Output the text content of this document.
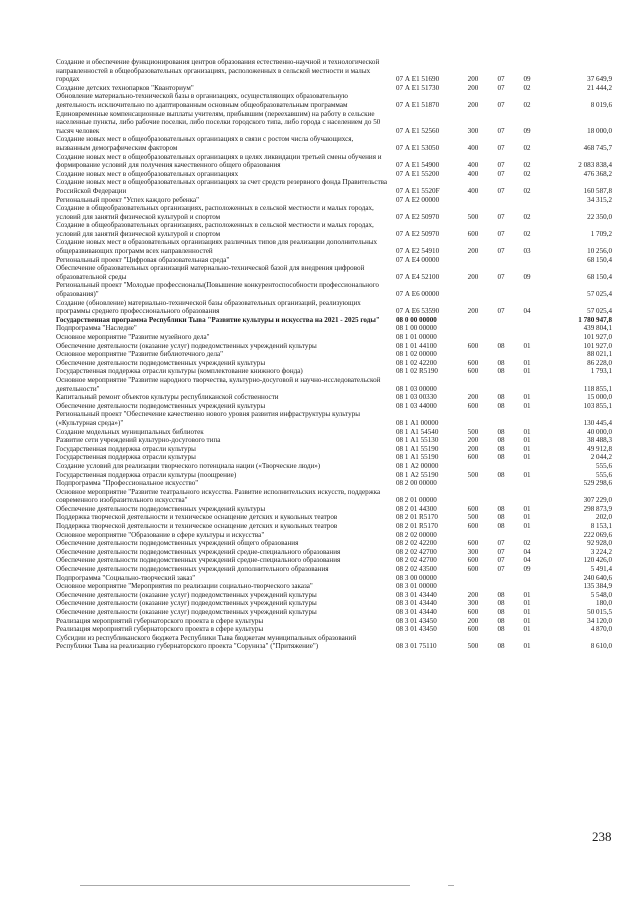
Создание и обеспечение функционирования центров образования естественно-научной и технологической направленностей в общеобразовательных организациях, расположенных в сельской местности и малых городах	07 А Е1 51690	200	07	09	37 649,9
Создание детских технопарков "Кванториум"	07 А Е1 51730	200	07	02	21 444,2
Обновление материально-технической базы в организациях, осуществляющих образовательную деятельность исключительно по адаптированным основным общеобразовательным программам	07 А Е1 51870	200	07	02	8 019,6
Единовременные компенсационные выплаты учителям, прибывшим (переехавшим) на работу в сельские населенные пункты, либо рабочие поселки, либо поселки городского типа, либо города с населением до 50 тысяч человек	07 А Е1 52560	300	07	09	18 000,0
Создание новых мест в общеобразовательных организациях в связи с ростом числа обучающихся, вызванным демографическим фактором	07 А Е1 53050	400	07	02	468 745,7
Создание новых мест в общеобразовательных организациях в целях ликвидации третьей смены обучения и формирование условий для получения качественного общего образования	07 А Е1 54900	400	07	02	2 083 838,4
Создание новых мест в общеобразовательных организациях	07 А Е1 55200	400	07	02	476 368,2
Создание новых мест в общеобразовательных организациях за счет средств резервного фонда Правительства Российской Федерации	07 А Е1 5520F	400	07	02	160 587,8
Региональный проект "Успех каждого ребенка"	07 А Е2 00000				34 315,2
Создание в общеобразовательных организациях, расположенных в сельской местности и малых городах, условий для занятий физической культурой и спортом	07 А Е2 50970	500	07	02	22 350,0
Создание в общеобразовательных организациях, расположенных в сельской местности и малых городах, условий для занятий физической культурой и спортом	07 А Е2 50970	600	07	02	1 709,2
Создание новых мест в образовательных организациях различных типов для реализации дополнительных общеразвивающих программ всех направленностей	07 А Е2 54910	200	07	03	10 256,0
Региональный проект "Цифровая образовательная среда"	07 А Е4 00000				68 150,4
Обеспечение образовательных организаций материально-технической базой для внедрения цифровой образовательной среды	07 А Е4 52100	200	07	09	68 150,4
Региональный проект "Молодые профессионалы(Повышение конкурентоспособности профессионального образования)"	07 А Е6 00000				57 025,4
Создание (обновление) материально-технической базы образовательных организаций, реализующих программы среднего профессионального образования	07 А Е6 53590	200	07	04	57 025,4
Государственная программа Республики Тыва "Развитие культуры и искусства на 2021 - 2025 годы"	08 0 00 00000				1 780 947,8
Подпрограмма "Наследие"	08 1 00 00000				439 804,1
Основное мероприятие "Развитие музейного дела"	08 1 01 00000				101 927,0
Обеспечение деятельности (оказание услуг) подведомственных учреждений культуры	08 1 01 44100	600	08	01	101 927,0
Основное мероприятие "Развитие библиотечного дела"	08 1 02 00000				88 021,1
Обеспечение деятельности подведомственных учреждений культуры	08 1 02 42200	600	08	01	86 228,0
Государственная поддержка отрасли культуры (комплектование книжного фонда)	08 1 02 R5190	600	08	01	1 793,1
Основное мероприятие "Развитие народного творчества, культурно-досуговой и научно-исследовательской деятельности"	08 1 03 00000				118 855,1
Капитальный ремонт объектов культуры республиканской собственности	08 1 03 00330	200	08	01	15 000,0
Обеспечение деятельности подведомственных учреждений культуры	08 1 03 44000	600	08	01	103 855,1
Региональный проект "Обеспечение качественно нового уровня развития инфраструктуры культуры («Культурная среда»)"	08 1 А1 00000				130 445,4
Создание модельных муниципальных библиотек	08 1 А1 54540	500	08	01	40 000,0
Развитие сети учреждений культурно-досугового типа	08 1 А1 55130	200	08	01	38 488,3
Государственная поддержка отрасли культуры	08 1 А1 55190	200	08	01	49 912,8
Государственная поддержка отрасли культуры	08 1 А1 55190	600	08	01	2 044,2
Создание условий для реализации творческого потенциала нации («Творческие люди»)	08 1 А2 00000				555,6
Государственная поддержка отрасли культуры (поощрение)	08 1 А2 55190	500	08	01	555,6
Подпрограмма "Профессиональное искусство"	08 2 00 00000				529 298,6
Основное мероприятие "Развитие театрального искусства. Развитие исполнительских искусств, поддержка современного изобразительного искусства"	08 2 01 00000				307 229,0
Обеспечение деятельности подведомственных учреждений культуры	08 2 01 44300	600	08	01	298 873,9
Поддержка творческой деятельности и техническое оснащение детских и кукольных театров	08 2 01 R5170	500	08	01	202,0
Поддержка творческой деятельности и техническое оснащение детских и кукольных театров	08 2 01 R5170	600	08	01	8 153,1
Основное мероприятие "Образование в сфере культуры и искусства"	08 2 02 00000				222 069,6
Обеспечение деятельности подведомственных учреждений общего образования	08 2 02 42200	600	07	02	92 928,0
Обеспечение деятельности подведомственных учреждений средне-специального образования	08 2 02 42700	300	07	04	3 224,2
Обеспечение деятельности подведомственных учреждений средне-специального образования	08 2 02 42700	600	07	04	120 426,0
Обеспечение деятельности подведомственных учреждений дополнительного образования	08 2 02 43500	600	07	09	5 491,4
Подпрограмма "Социально-творческий заказ"	08 3 00 00000				240 640,6
Основное мероприятие "Мероприятия по реализации социально-творческого заказа"	08 3 01 00000				135 384,9
Обеспечение деятельности (оказание услуг) подведомственных учреждений культуры	08 3 01 43440	200	08	01	5 548,0
Обеспечение деятельности (оказание услуг) подведомственных учреждений культуры	08 3 01 43440	300	08	01	180,0
Обеспечение деятельности (оказание услуг) подведомственных учреждений культуры	08 3 01 43440	600	08	01	50 015,5
Реализация мероприятий губернаторского проекта в сфере культуры	08 3 01 43450	200	08	01	34 120,0
Реализация мероприятий губернаторского проекта в сфере культуры	08 3 01 43450	600	08	01	4 870,0
Субсидии из республиканского бюджета Республики Тыва бюджетам муниципальных образований Республики Тыва на реализацию губернаторского проекта "Соруннза" ("Притяжение")	08 3 01 75110	500	08	01	8 610,0
238
